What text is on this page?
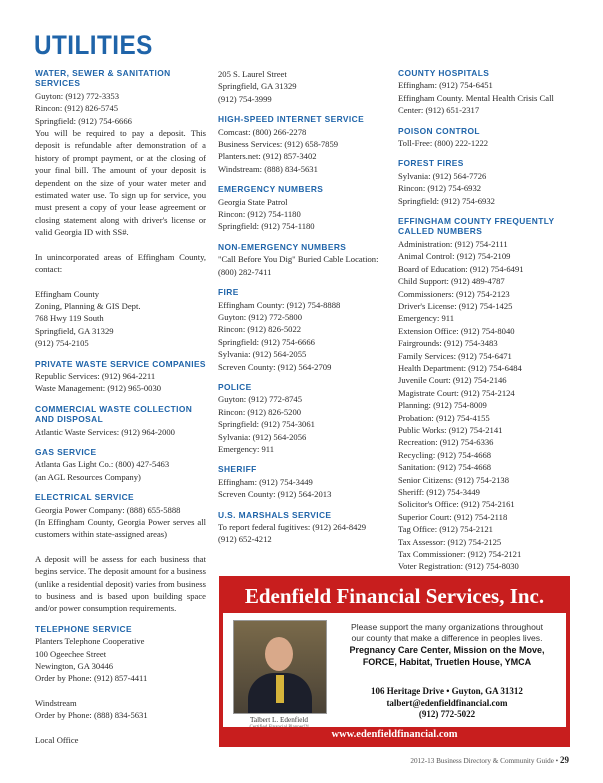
UTILITIES
WATER, SEWER & SANITATION SERVICES
Guyton: (912) 772-3353
Rincon: (912) 826-5745
Springfield: (912) 754-6666
You will be required to pay a deposit. This deposit is refundable after demonstration of a history of prompt payment, or at the closing of your final bill. The amount of your deposit is dependent on the size of your water meter and estimated water use. To sign up for service, you must present a copy of your lease agreement or closing statement along with driver's license or valid Georgia ID with SS#.
In unincorporated areas of Effingham County, contact:
Effingham County
Zoning, Planning & GIS Dept.
768 Hwy 119 South
Springfield, GA 31329
(912) 754-2105
PRIVATE WASTE SERVICE COMPANIES
Republic Services: (912) 964-2211
Waste Management: (912) 965-0030
COMMERCIAL WASTE COLLECTION AND DISPOSAL
Atlantic Waste Services: (912) 964-2000
GAS SERVICE
Atlanta Gas Light Co.: (800) 427-5463
(an AGL Resources Company)
ELECTRICAL SERVICE
Georgia Power Company: (888) 655-5888
(In Effingham County, Georgia Power serves all customers within state-assigned areas)
A deposit will be assess for each business that begins service. The deposit amount for a business (unlike a residential deposit) varies from business to business and is based upon building space and/or power consumption requirements.
TELEPHONE SERVICE
Planters Telephone Cooperative
100 Ogeechee Street
Newington, GA 30446
Order by Phone: (912) 857-4411
Windstream
Order by Phone: (888) 834-5631
Local Office
205 S. Laurel Street
Springfield, GA 31329
(912) 754-3999
HIGH-SPEED INTERNET SERVICE
Comcast: (800) 266-2278
Business Services: (912) 658-7859
Planters.net: (912) 857-3402
Windstream: (888) 834-5631
EMERGENCY NUMBERS
Georgia State Patrol
Rincon: (912) 754-1180
Springfield: (912) 754-1180
NON-EMERGENCY NUMBERS
"Call Before You Dig" Buried Cable Location:
(800) 282-7411
FIRE
Effingham County: (912) 754-8888
Guyton: (912) 772-5800
Rincon: (912) 826-5022
Springfield: (912) 754-6666
Sylvania: (912) 564-2055
Screven County: (912) 564-2709
POLICE
Guyton: (912) 772-8745
Rincon: (912) 826-5200
Springfield: (912) 754-3061
Sylvania: (912) 564-2056
Emergency: 911
SHERIFF
Effingham: (912) 754-3449
Screven County: (912) 564-2013
U.S. MARSHALS SERVICE
To report federal fugitives: (912) 264-8429
(912) 652-4212
COUNTY HOSPITALS
Effingham: (912) 754-6451
Effingham County. Mental Health Crisis Call
Center: (912) 651-2317
POISON CONTROL
Toll-Free: (800) 222-1222
FOREST FIRES
Sylvania: (912) 564-7726
Rincon: (912) 754-6932
Springfield: (912) 754-6932
EFFINGHAM COUNTY FREQUENTLY CALLED NUMBERS
Administration: (912) 754-2111
Animal Control: (912) 754-2109
Board of Education: (912) 754-6491
Child Support: (912) 489-4787
Commissioners: (912) 754-2123
Driver's License: (912) 754-1425
Emergency: 911
Extension Office: (912) 754-8040
Fairgrounds: (912) 754-3483
Family Services: (912) 754-6471
Health Department: (912) 754-6484
Juvenile Court: (912) 754-2146
Magistrate Court: (912) 754-2124
Planning: (912) 754-8009
Probation: (912) 754-4155
Public Works: (912) 754-2141
Recreation: (912) 754-6336
Recycling: (912) 754-4668
Sanitation: (912) 754-4668
Senior Citizens: (912) 754-2138
Sheriff: (912) 754-3449
Solicitor's Office: (912) 754-2161
Superior Court: (912) 754-2118
Tag Office: (912) 754-2121
Tax Assessor: (912) 754-2125
Tax Commissioner: (912) 754-2121
Voter Registration: (912) 754-8030
Edenfield Financial Services, Inc.
Talbert L. Edenfield
Please support the many organizations throughout
our county that make a difference in peoples lives.
Pregnancy Care Center, Mission on the Move,
FORCE, Habitat, Truetlen House, YMCA
106 Heritage Drive • Guyton, GA 31312
talbert@edenfieldfinancial.com
(912) 772-5022
www.edenfieldfinancial.com
2012-13 Business Directory & Community Guide • 29
